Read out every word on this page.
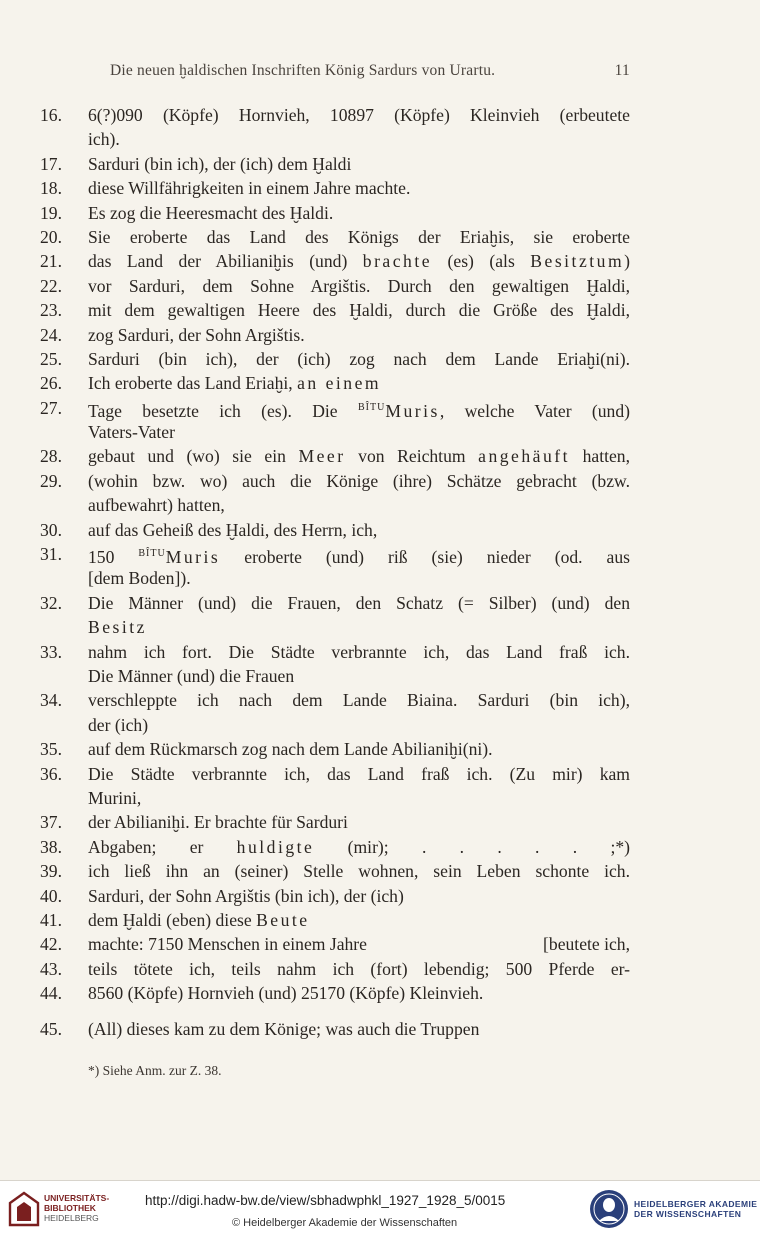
Die neuen ḫaldischen Inschriften König Sardurs von Urartu.	11
16.	6(?)090 (Köpfe) Hornvieh, 10897 (Köpfe) Kleinvieh (erbeutete
ich).
17.	Sarduri (bin ich), der (ich) dem Ḫaldi
18.	diese Willfährigkeiten in einem Jahre machte.
19.	Es zog die Heeresmacht des Ḫaldi.
20.	Sie eroberte das Land des Königs der Eriaḫis, sie eroberte
21.	das Land der Abilianiḫis (und) brachte (es) (als Besitztum)
22.	vor Sarduri, dem Sohne Argištis. Durch den gewaltigen Ḫaldi,
23.	mit dem gewaltigen Heere des Ḫaldi, durch die Größe des Ḫaldi,
24.	zog Sarduri, der Sohn Argištis.
25.	Sarduri (bin ich), der (ich) zog nach dem Lande Eriaḫi(ni).
26.	Ich eroberte das Land Eriaḫi, an einem
27.	Tage besetzte ich (es). Die $^{BÎTU}$Muris, welche Vater (und)
Vaters-Vater
28.	gebaut und (wo) sie ein Meer von Reichtum angehäuft hatten,
29.	(wohin bzw. wo) auch die Könige (ihre) Schätze gebracht (bzw.
aufbewahrt) hatten,
30.	auf das Geheiß des Ḫaldi, des Herrn, ich,
31.	150 $^{BÎTU}$Muris eroberte (und) riß (sie) nieder (od. aus
[dem Boden]).
32.	Die Männer (und) die Frauen, den Schatz (= Silber) (und) den
Besitz
33.	nahm ich fort. Die Städte verbrannte ich, das Land fraß ich.
Die Männer (und) die Frauen
34.	verschleppte ich nach dem Lande Biaina. Sarduri (bin ich),
der (ich)
35.	auf dem Rückmarsch zog nach dem Lande Abilianiḫi(ni).
36.	Die Städte verbrannte ich, das Land fraß ich. (Zu mir) kam
Murini,
37.	der Abilianiḫi. Er brachte für Sarduri
38.	Abgaben; er huldigte (mir); . . . . . ;*)
39.	ich ließ ihn an (seiner) Stelle wohnen, sein Leben schonte ich.
40.	Sarduri, der Sohn Argištis (bin ich), der (ich)
41.	dem Ḫaldi (eben) diese Beute
42.	machte: 7150 Menschen in einem Jahre	[beutete ich,
43.	teils tötete ich, teils nahm ich (fort) lebendig; 500 Pferde er-
44.	8560 (Köpfe) Hornvieh (und) 25170 (Köpfe) Kleinvieh.
45.	(All) dieses kam zu dem Könige; was auch die Truppen
*) Siehe Anm. zur Z. 38.
UNIVERSITÄTS-
BIBLIOTHEK
HEIDELBERG
http://digi.hadw-bw.de/view/sbhadwphkl_1927_1928_5/0015
© Heidelberger Akademie der Wissenschaften
HEIDELBERGER AKADEMIE
DER WISSENSCHAFTEN
